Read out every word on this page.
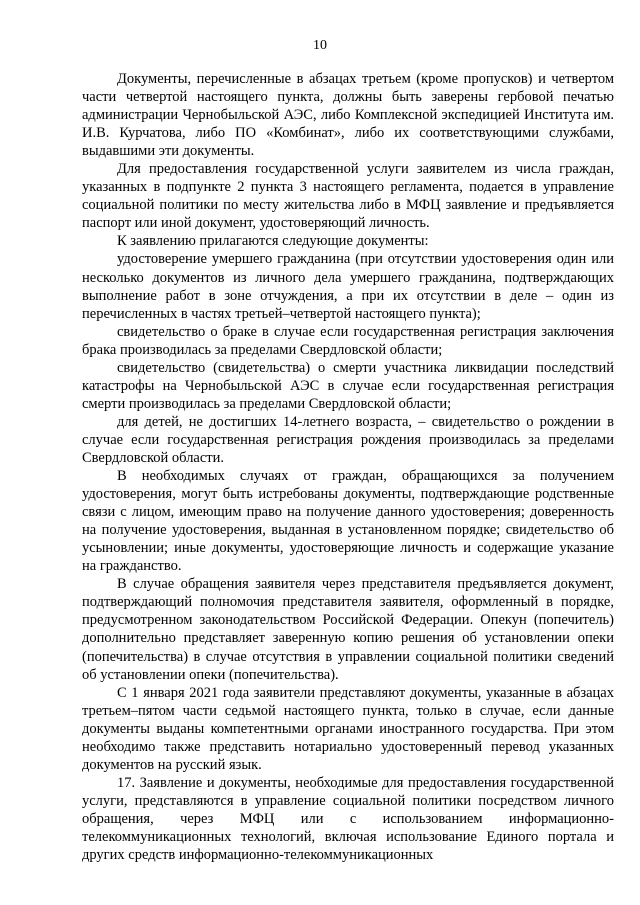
10

Документы, перечисленные в абзацах третьем (кроме пропусков) и четвертом части четвертой настоящего пункта, должны быть заверены гербовой печатью администрации Чернобыльской АЭС, либо Комплексной экспедицией Института им. И.В. Курчатова, либо ПО «Комбинат», либо их соответствующими службами, выдавшими эти документы.

Для предоставления государственной услуги заявителем из числа граждан, указанных в подпункте 2 пункта 3 настоящего регламента, подается в управление социальной политики по месту жительства либо в МФЦ заявление и предъявляется паспорт или иной документ, удостоверяющий личность.

К заявлению прилагаются следующие документы:

удостоверение умершего гражданина (при отсутствии удостоверения один или несколько документов из личного дела умершего гражданина, подтверждающих выполнение работ в зоне отчуждения, а при их отсутствии в деле – один из перечисленных в частях третьей–четвертой настоящего пункта);

свидетельство о браке в случае если государственная регистрация заключения брака производилась за пределами Свердловской области;

свидетельство (свидетельства) о смерти участника ликвидации последствий катастрофы на Чернобыльской АЭС в случае если государственная регистрация смерти производилась за пределами Свердловской области;

для детей, не достигших 14-летнего возраста, – свидетельство о рождении в случае если государственная регистрация рождения производилась за пределами Свердловской области.

В необходимых случаях от граждан, обращающихся за получением удостоверения, могут быть истребованы документы, подтверждающие родственные связи с лицом, имеющим право на получение данного удостоверения; доверенность на получение удостоверения, выданная в установленном порядке; свидетельство об усыновлении; иные документы, удостоверяющие личность и содержащие указание на гражданство.

В случае обращения заявителя через представителя предъявляется документ, подтверждающий полномочия представителя заявителя, оформленный в порядке, предусмотренном законодательством Российской Федерации. Опекун (попечитель) дополнительно представляет заверенную копию решения об установлении опеки (попечительства) в случае отсутствия в управлении социальной политики сведений об установлении опеки (попечительства).

С 1 января 2021 года заявители представляют документы, указанные в абзацах третьем–пятом части седьмой настоящего пункта, только в случае, если данные документы выданы компетентными органами иностранного государства. При этом необходимо также представить нотариально удостоверенный перевод указанных документов на русский язык.

17. Заявление и документы, необходимые для предоставления государственной услуги, представляются в управление социальной политики посредством личного обращения, через МФЦ или с использованием информационно-телекоммуникационных технологий, включая использование Единого портала и других средств информационно-телекоммуникационных
